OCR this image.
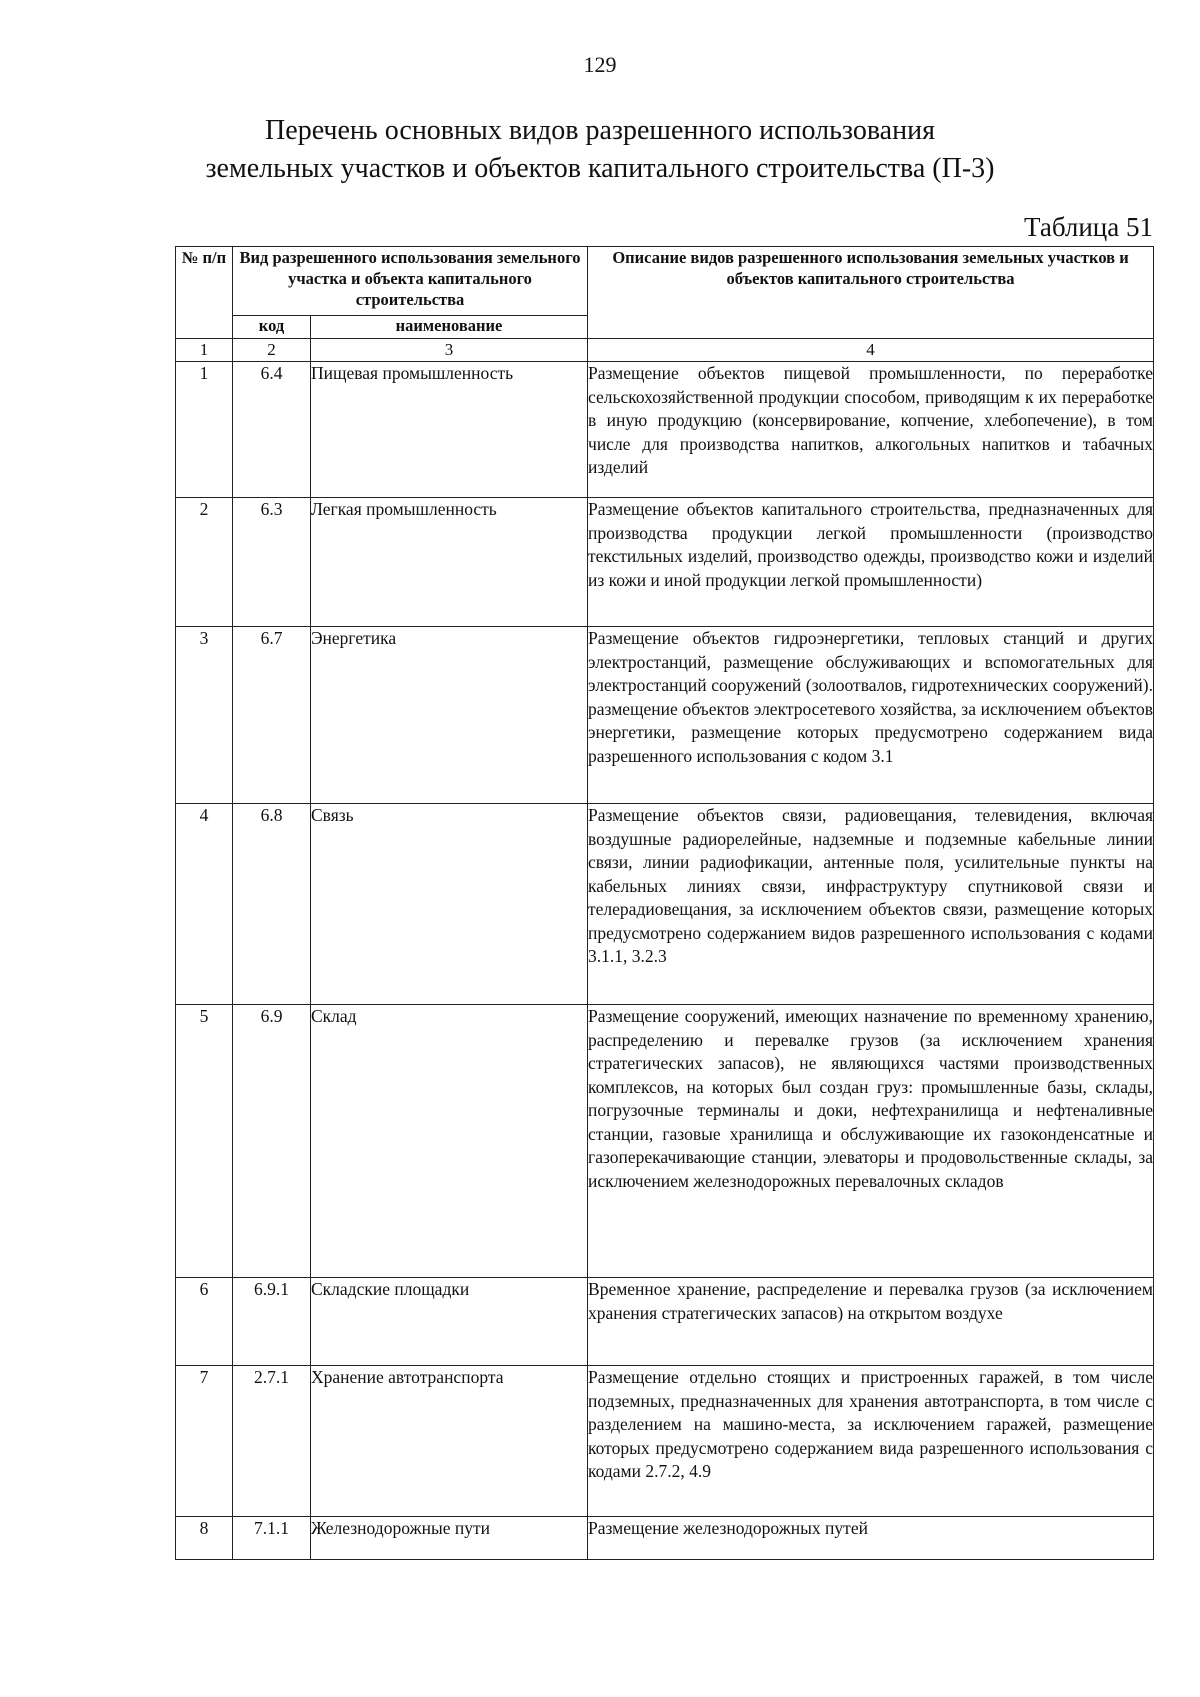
129
Перечень основных видов разрешенного использования
земельных участков и объектов капитального строительства (П-3)
Таблица 51
№ п/п	Вид разрешенного использования земельного участка и объекта капитального строительства		Описание видов разрешенного использования земельных участков и объектов капитального строительства
	код	наименование	
1	2	3	4
1	6.4	Пищевая промышленность	Размещение объектов пищевой промышленности, по переработке сельскохозяйственной продукции способом, приводящим к их переработке в иную продукцию (консервирование, копчение, хлебопечение), в том числе для производства напитков, алкогольных напитков и табачных изделий
2	6.3	Легкая промышленность	Размещение объектов капитального строительства, предназначенных для производства продукции легкой промышленности (производство текстильных изделий, производство одежды, производство кожи и изделий из кожи и иной продукции легкой промышленности)
3	6.7	Энергетика	Размещение объектов гидроэнергетики, тепловых станций и других электростанций, размещение обслуживающих и вспомогательных для электростанций сооружений (золоотвалов, гидротехнических сооружений). размещение объектов электросетевого хозяйства, за исключением объектов энергетики, размещение которых предусмотрено содержанием вида разрешенного использования с кодом 3.1
4	6.8	Связь	Размещение объектов связи, радиовещания, телевидения, включая воздушные радиорелейные, надземные и подземные кабельные линии связи, линии радиофикации, антенные поля, усилительные пункты на кабельных линиях связи, инфраструктуру спутниковой связи и телерадиовещания, за исключением объектов связи, размещение которых предусмотрено содержанием видов разрешенного использования с кодами 3.1.1, 3.2.3
5	6.9	Склад	Размещение сооружений, имеющих назначение по временному хранению, распределению и перевалке грузов (за исключением хранения стратегических запасов), не являющихся частями производственных комплексов, на которых был создан груз: промышленные базы, склады, погрузочные терминалы и доки, нефтехранилища и нефтеналивные станции, газовые хранилища и обслуживающие их газоконденсатные и газоперекачивающие станции, элеваторы и продовольственные склады, за исключением железнодорожных перевалочных складов
6	6.9.1	Складские площадки	Временное хранение, распределение и перевалка грузов (за исключением хранения стратегических запасов) на открытом воздухе
7	2.7.1	Хранение автотранспорта	Размещение отдельно стоящих и пристроенных гаражей, в том числе подземных, предназначенных для хранения автотранспорта, в том числе с разделением на машино-места, за исключением гаражей, размещение которых предусмотрено содержанием вида разрешенного использования с кодами 2.7.2, 4.9
8	7.1.1	Железнодорожные пути	Размещение железнодорожных путей
